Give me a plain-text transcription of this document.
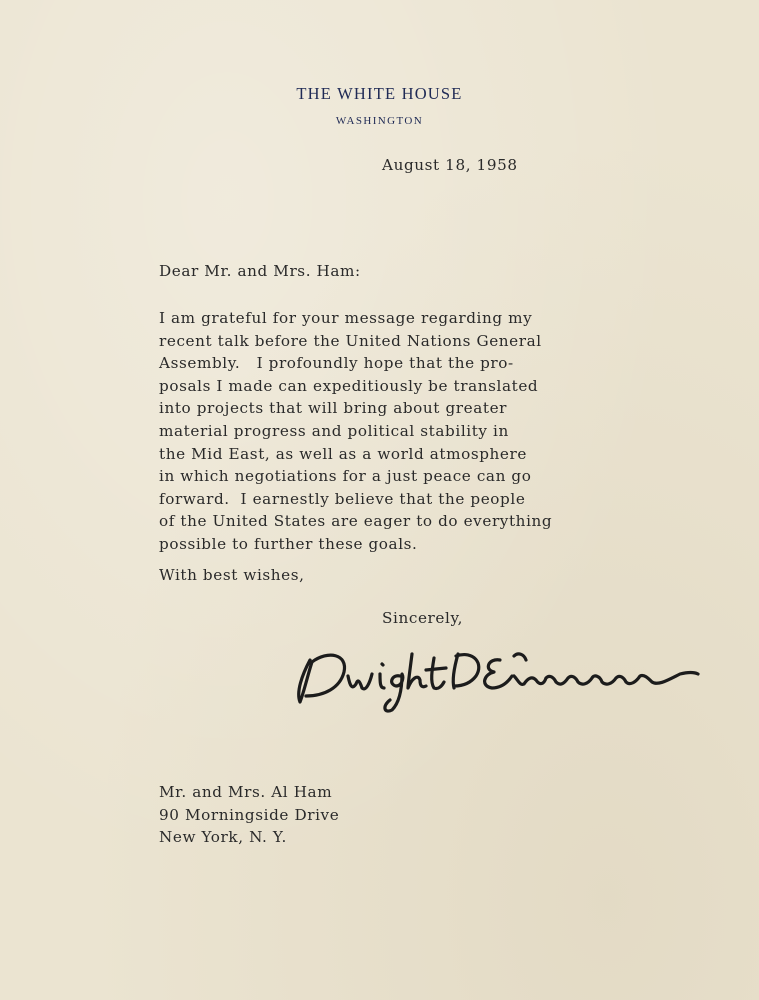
THE WHITE HOUSE
WASHINGTON
August 18, 1958
Dear Mr. and Mrs. Ham:
I am grateful for your message regarding my
recent talk before the United Nations General
Assembly.   I profoundly hope that the pro-
posals I made can expeditiously be translated
into projects that will bring about greater
material progress and political stability in
the Mid East, as well as a world atmosphere
in which negotiations for a just peace can go
forward.  I earnestly believe that the people
of the United States are eager to do everything
possible to further these goals.
With best wishes,
Sincerely,
Mr. and Mrs. Al Ham
90 Morningside Drive
New York, N. Y.
